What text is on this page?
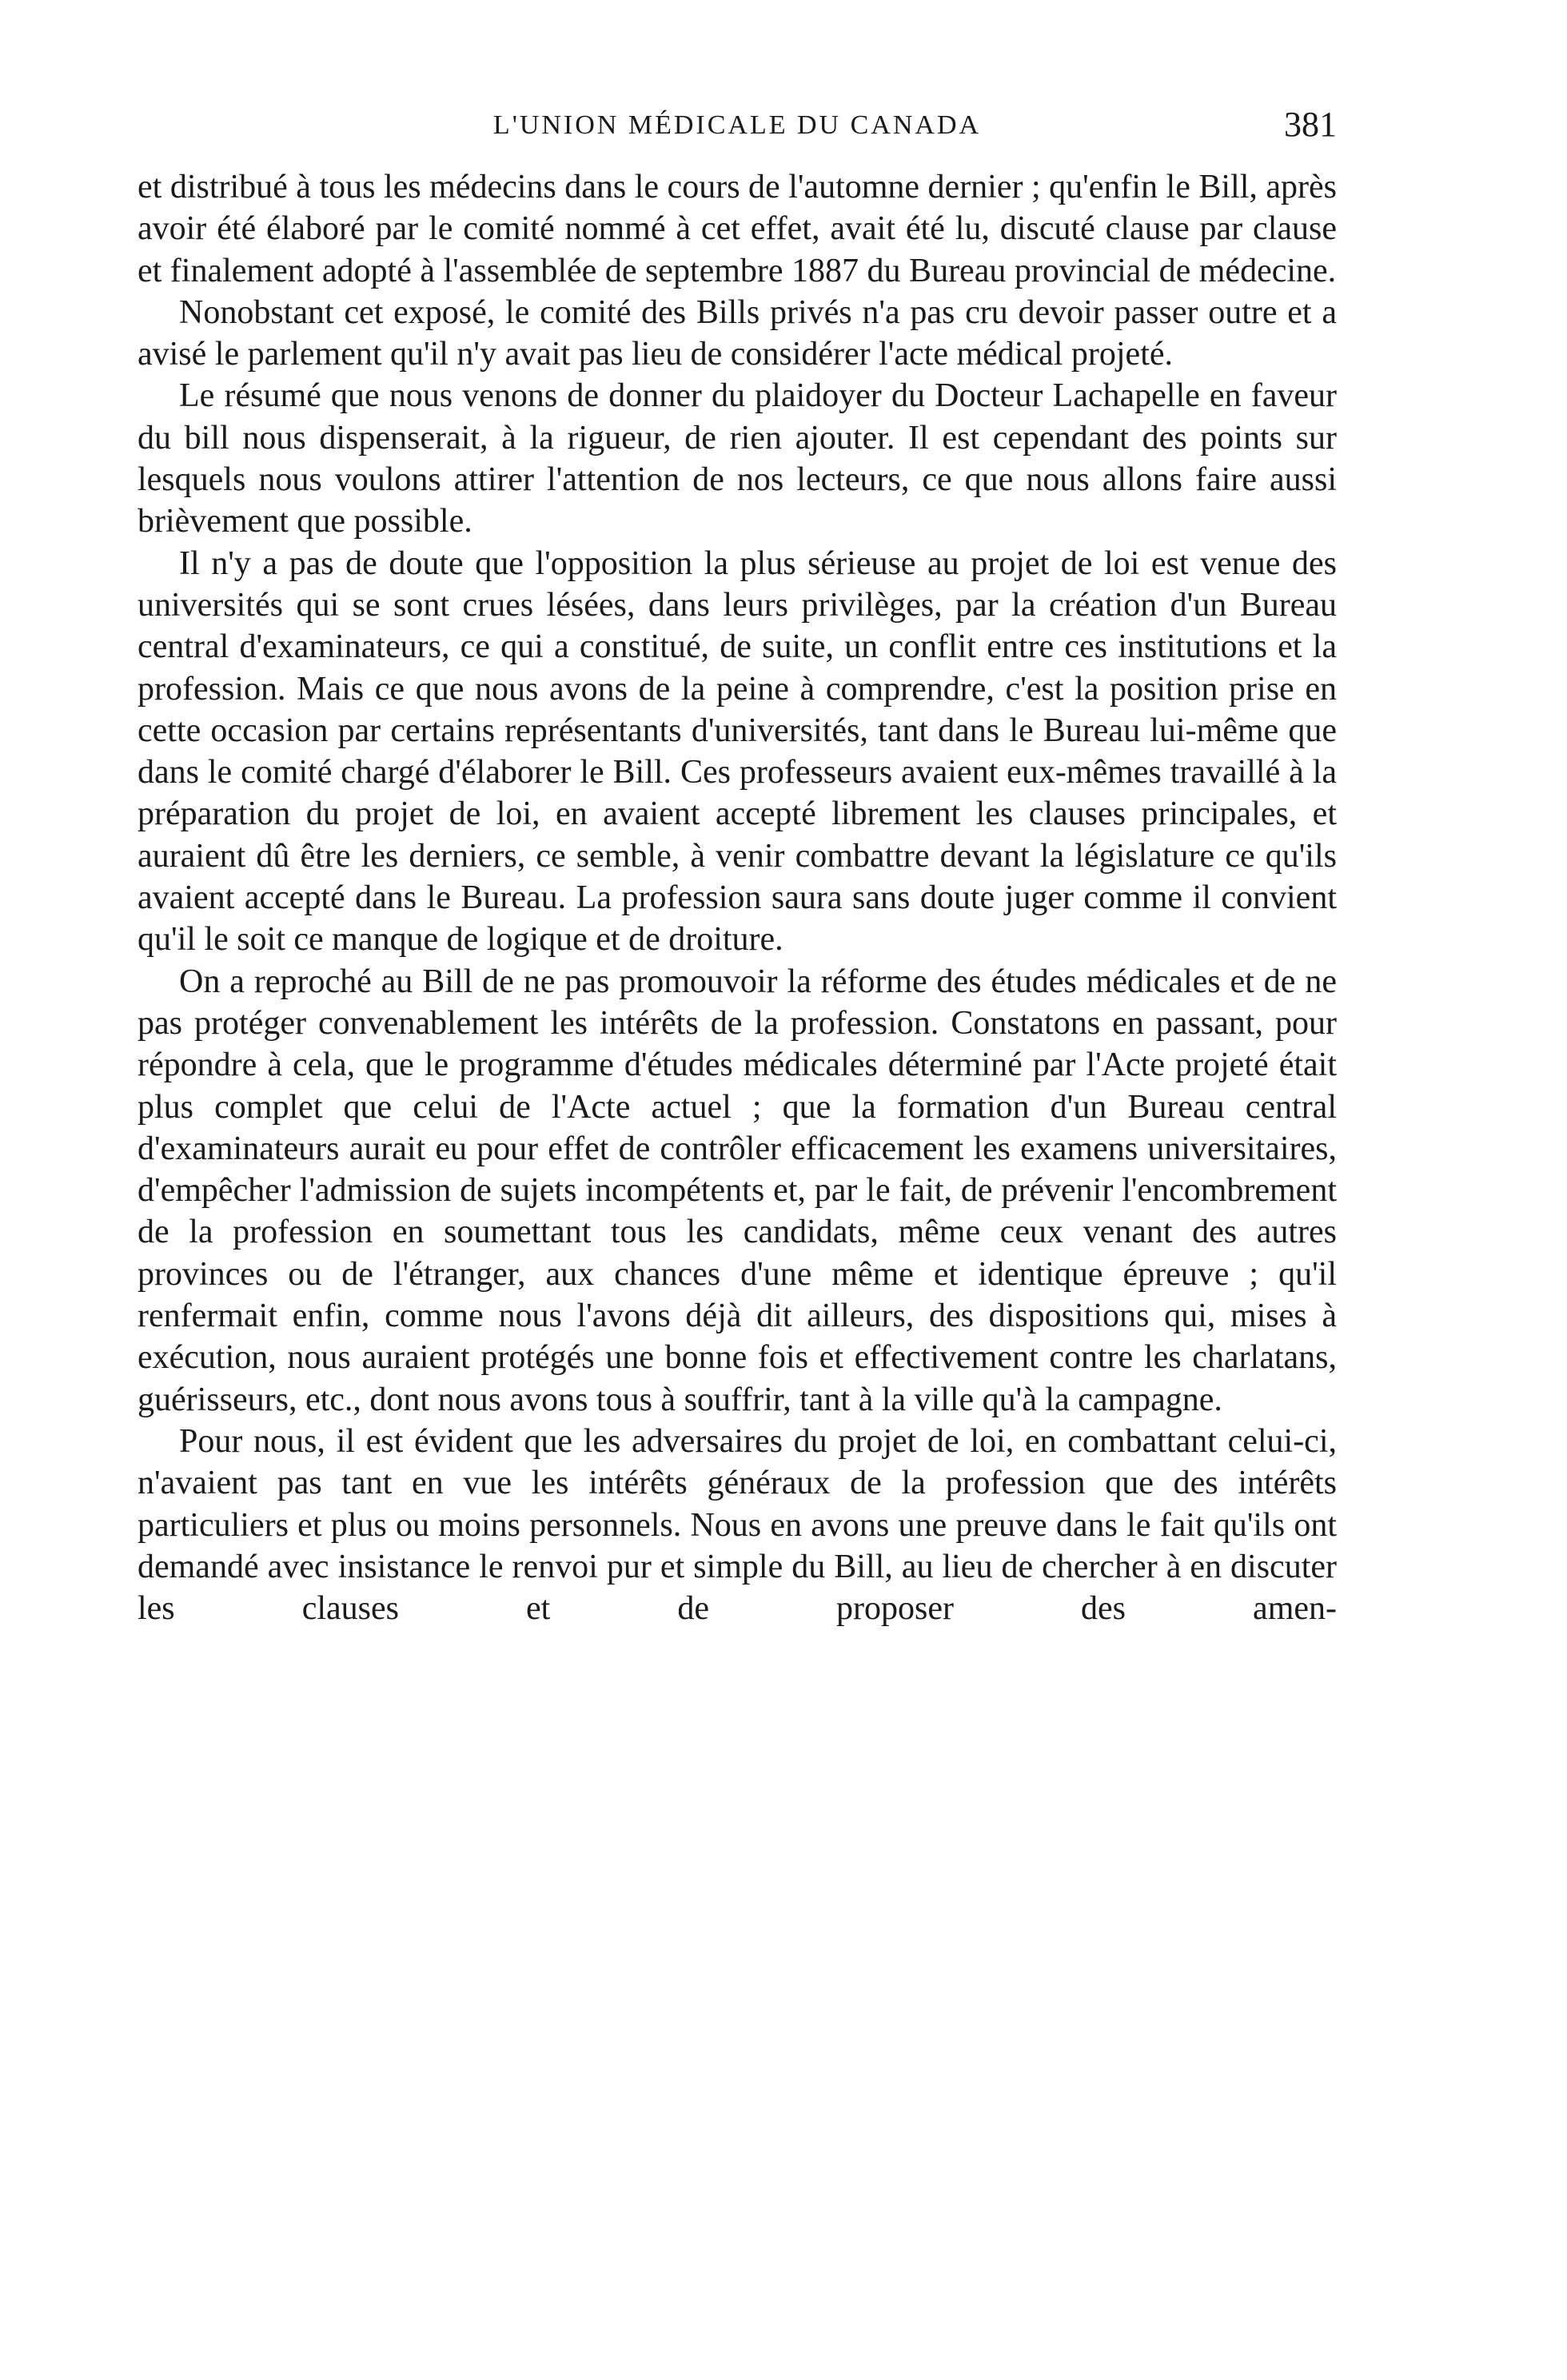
L'UNION MÉDICALE DU CANADA	381

et distribué à tous les médecins dans le cours de l'automne dernier ; qu'enfin le Bill, après avoir été élaboré par le comité nommé à cet effet, avait été lu, discuté clause par clause et finalement adopté à l'assemblée de septembre 1887 du Bureau provincial de médecine.

Nonobstant cet exposé, le comité des Bills privés n'a pas cru devoir passer outre et a avisé le parlement qu'il n'y avait pas lieu de considérer l'acte médical projeté.

Le résumé que nous venons de donner du plaidoyer du Docteur Lachapelle en faveur du bill nous dispenserait, à la rigueur, de rien ajouter. Il est cependant des points sur lesquels nous voulons attirer l'attention de nos lecteurs, ce que nous allons faire aussi brièvement que possible.

Il n'y a pas de doute que l'opposition la plus sérieuse au projet de loi est venue des universités qui se sont crues lésées, dans leurs privilèges, par la création d'un Bureau central d'examinateurs, ce qui a constitué, de suite, un conflit entre ces institutions et la profession. Mais ce que nous avons de la peine à comprendre, c'est la position prise en cette occasion par certains représentants d'universités, tant dans le Bureau lui-même que dans le comité chargé d'élaborer le Bill. Ces professeurs avaient eux-mêmes travaillé à la préparation du projet de loi, en avaient accepté librement les clauses principales, et auraient dû être les derniers, ce semble, à venir combattre devant la législature ce qu'ils avaient accepté dans le Bureau. La profession saura sans doute juger comme il convient qu'il le soit ce manque de logique et de droiture.

On a reproché au Bill de ne pas promouvoir la réforme des études médicales et de ne pas protéger convenablement les intérêts de la profession. Constatons en passant, pour répondre à cela, que le programme d'études médicales déterminé par l'Acte projeté était plus complet que celui de l'Acte actuel ; que la formation d'un Bureau central d'examinateurs aurait eu pour effet de contrôler efficacement les examens universitaires, d'empêcher l'admission de sujets incompétents et, par le fait, de prévenir l'encombrement de la profession en soumettant tous les candidats, même ceux venant des autres provinces ou de l'étranger, aux chances d'une même et identique épreuve ; qu'il renfermait enfin, comme nous l'avons déjà dit ailleurs, des dispositions qui, mises à exécution, nous auraient protégés une bonne fois et effectivement contre les charlatans, guérisseurs, etc., dont nous avons tous à souffrir, tant à la ville qu'à la campagne.

Pour nous, il est évident que les adversaires du projet de loi, en combattant celui-ci, n'avaient pas tant en vue les intérêts généraux de la profession que des intérêts particuliers et plus ou moins personnels. Nous en avons une preuve dans le fait qu'ils ont demandé avec insistance le renvoi pur et simple du Bill, au lieu de chercher à en discuter les clauses et de proposer des amen-
